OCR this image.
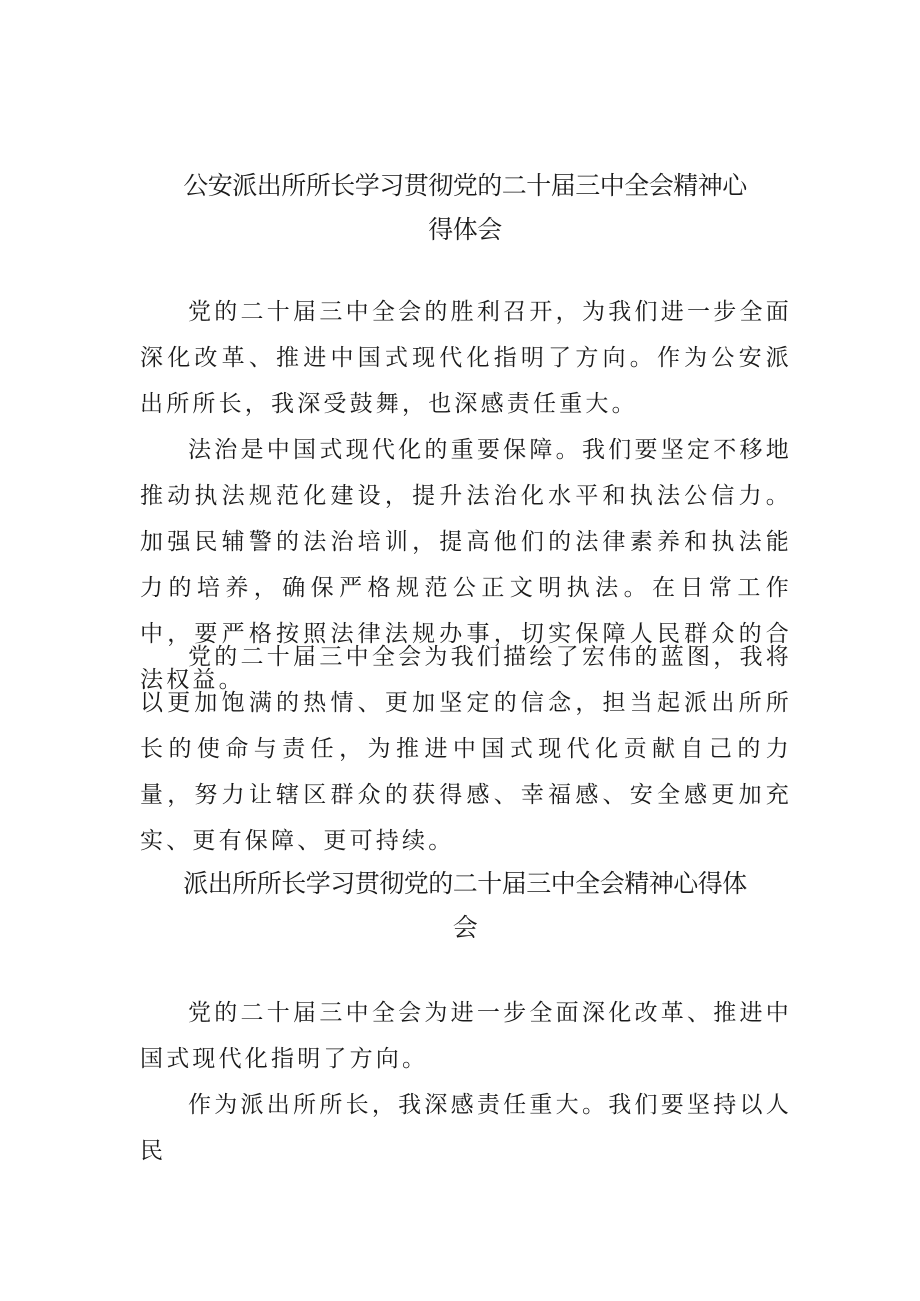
公安派出所所长学习贯彻党的二十届三中全会精神心
得体会

党的二十届三中全会的胜利召开，为我们进一步全面深化改革、推进中国式现代化指明了方向。作为公安派出所所长，我深受鼓舞，也深感责任重大。

法治是中国式现代化的重要保障。我们要坚定不移地推动执法规范化建设，提升法治化水平和执法公信力。加强民辅警的法治培训，提高他们的法律素养和执法能力的培养，确保严格规范公正文明执法。在日常工作中，要严格按照法律法规办事，切实保障人民群众的合法权益。

党的二十届三中全会为我们描绘了宏伟的蓝图，我将以更加饱满的热情、更加坚定的信念，担当起派出所所长的使命与责任，为推进中国式现代化贡献自己的力量，努力让辖区群众的获得感、幸福感、安全感更加充实、更有保障、更可持续。

派出所所长学习贯彻党的二十届三中全会精神心得体
会

党的二十届三中全会为进一步全面深化改革、推进中国式现代化指明了方向。

作为派出所所长，我深感责任重大。我们要坚持以人民
